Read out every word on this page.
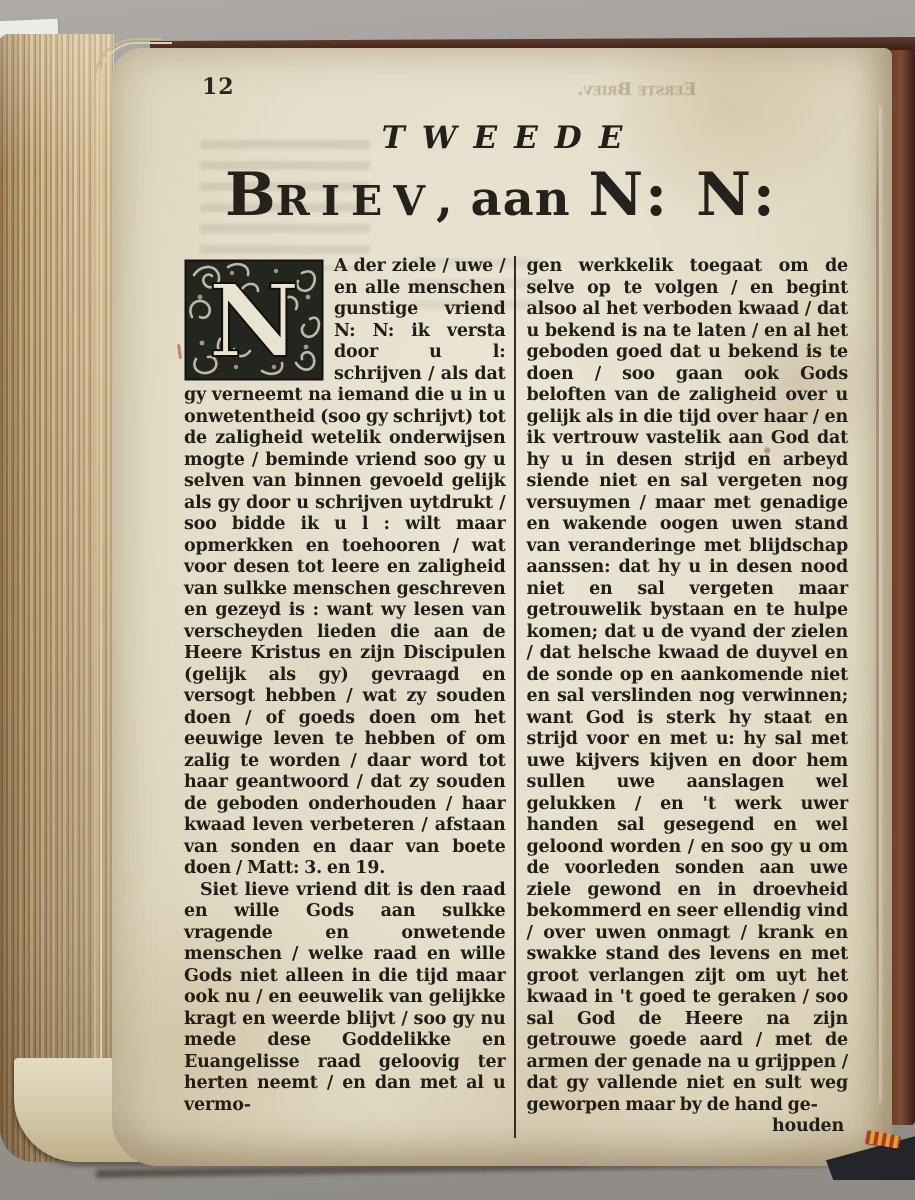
Eerste Briev.
12
TWEEDE
BRIEV, aan N: N:
N	A der ziele / uwe / en alle menschen gunstige vriend N: N: ik versta door u l: schrijven / als dat gy verneemt na iemand die u in u onwetentheid (soo gy schrijvt) tot de zaligheid wetelik onderwijsen mogte / beminde vriend soo gy u selven van binnen gevoeld gelijk als gy door u schrijven uytdrukt / soo bidde ik u l : wilt maar opmerkken en toehooren / wat voor desen tot leere en zaligheid van sulkke menschen geschreven en gezeyd is : want wy lesen van verscheyden lieden die aan de Heere Kristus en zijn Discipulen (gelijk als gy) gevraagd en versogt hebben / wat zy souden doen / of goeds doen om het eeuwige leven te hebben of om zalig te worden / daar word tot haar geantwoord / dat zy souden de geboden onderhouden / haar kwaad leven verbeteren / afstaan van sonden en daar van boete doen / Matt: 3. en 19.

Siet lieve vriend dit is den raad en wille Gods aan sulkke vragende en onwetende menschen / welke raad en wille Gods niet alleen in die tijd maar ook nu / en eeuwelik van gelijkke kragt en weerde blijvt / soo gy nu mede dese Goddelikke en Euangelisse raad geloovig ter herten neemt / en dan met al u vermo-

gen werkkelik toegaat om de selve op te volgen / en begint alsoo al het verboden kwaad / dat u bekend is na te laten / en al het geboden goed dat u bekend is te doen / soo gaan ook Gods beloften van de zaligheid over u gelijk als in die tijd over haar / en ik vertrouw vastelik aan God dat hy u in desen strijd en arbeyd siende niet en sal vergeten nog versuymen / maar met genadige en wakende oogen uwen stand van veranderinge met blijdschap aanssen: dat hy u in desen nood niet en sal vergeten maar getrouwelik bystaan en te hulpe komen; dat u de vyand der zielen / dat helsche kwaad de duyvel en de sonde op en aankomende niet en sal verslinden nog verwinnen; want God is sterk hy staat en strijd voor en met u: hy sal met uwe kijvers kijven en door hem sullen uwe aanslagen wel gelukken / en 't werk uwer handen sal gesegend en wel geloond worden / en soo gy u om de voorleden sonden aan uwe ziele gewond en in droevheid bekommerd en seer ellendig vind / over uwen onmagt / krank en swakke stand des levens en met groot verlangen zijt om uyt het kwaad in 't goed te geraken / soo sal God de Heere na zijn getrouwe goede aard / met de armen der genade na u grijppen / dat gy vallende niet en sult weg geworpen maar by de hand ge-

houden
